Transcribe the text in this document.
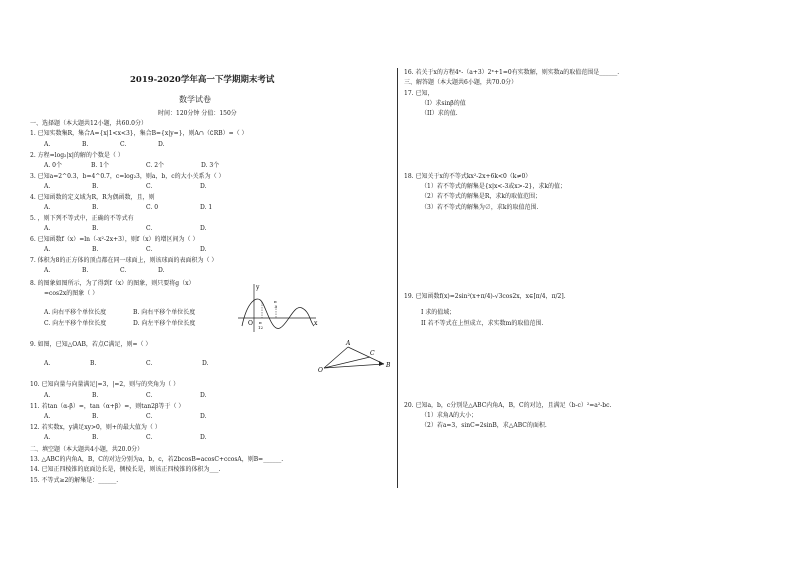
2019-2020学年高一下学期期末考试
数学试卷
时间：120分钟 分值：150分
一、选择题（本大题共12小题，共60.0分）
1. 已知实数集R，集合A={x|1<x<3}，集合B={x|y=}，则A∩（∁RB）=（ ）
A.	B.	C.	D.
2. 方程=log₂|x|的解的个数是（ ）
A. 0个	B. 1个	C. 2个	D. 3个
3. 已知a=2^0.3，b=4^0.7，c=log₂3，则a，b，c的大小关系为（ ）
A.	B.	C.	D.
4. 已知函数的定义域为R，R为偶函数，且，则
A.	B.	C. 0	D. 1
5. ，则下列不等式中，正确的不等式有
A.	B.	C.	D.
6. 已知函数f（x）=ln（-x²-2x+3），则f（x）的增区间为（ ）
A.	B.	C.	D.
7. 体积为8的正方体的顶点都在同一球面上，则该球面的表面积为（ ）
A.	B.	C.	D.
8. 的图象如图所示，为了得到f（x）的图象，则只要将g（x）
=cos2x的图象（ ）
A. 向右平移个单位长度	B. 向右平移个单位长度
C. 向左平移个单位长度	D. 向左平移个单位长度
y
x
O π
12
π
3
9. 如图，已知△OAB，若点C满足，则=（ ）
A.	B.	C.	D.
A
C
B
O
10. 已知向量与向量满足|=3，|=2，则与的夹角为（ ）
A.	B.	C.	D.
11. 若tan（α-β）=，tan（α+β）=，则tan2β等于（ ）
A.	B.	C.	D.
12. 若实数x，y满足xy>0，则+的最大值为（ ）
A.	B.	C.	D.
二、填空题（本大题共4小题，共20.0分）
13. △ABC的内角A，B，C的对边分别为a，b，c，若2bcosB=acosC+ccosA，则B=______.
14. 已知正四棱锥的底面边长是，侧棱长是，则该正四棱锥的体积为___.
15. 不等式≥2的解集是：______.
16. 若关于x的方程4ˣ-（a+3）2ˣ+1=0有实数解，则实数a的取值范围是______.
三、解答题（本大题共6小题，共70.0分）
17. 已知，
（I）求sinβ的值
（II）求的值.
18. 已知关于x的不等式kx²-2x+6k<0（k≠0）
（1）若不等式的解集是{x|x<-3或x>-2}，求k的值；
（2）若不等式的解集是R，求k的取值范围；
（3）若不等式的解集为∅，求k的取值范围.
19. 已知函数f(x)=2sin²(x+π/4)-√3cos2x，x∈[π/4，π/2].
I 求的值域；
II 若不等式在上恒成立，求实数m的取值范围.
20. 已知a，b，c分别是△ABC内角A，B，C的对边，且满足（b-c）²=a²-bc.
（1）求角A的大小；
（2）若a=3，sinC=2sinB，求△ABC的面积.
